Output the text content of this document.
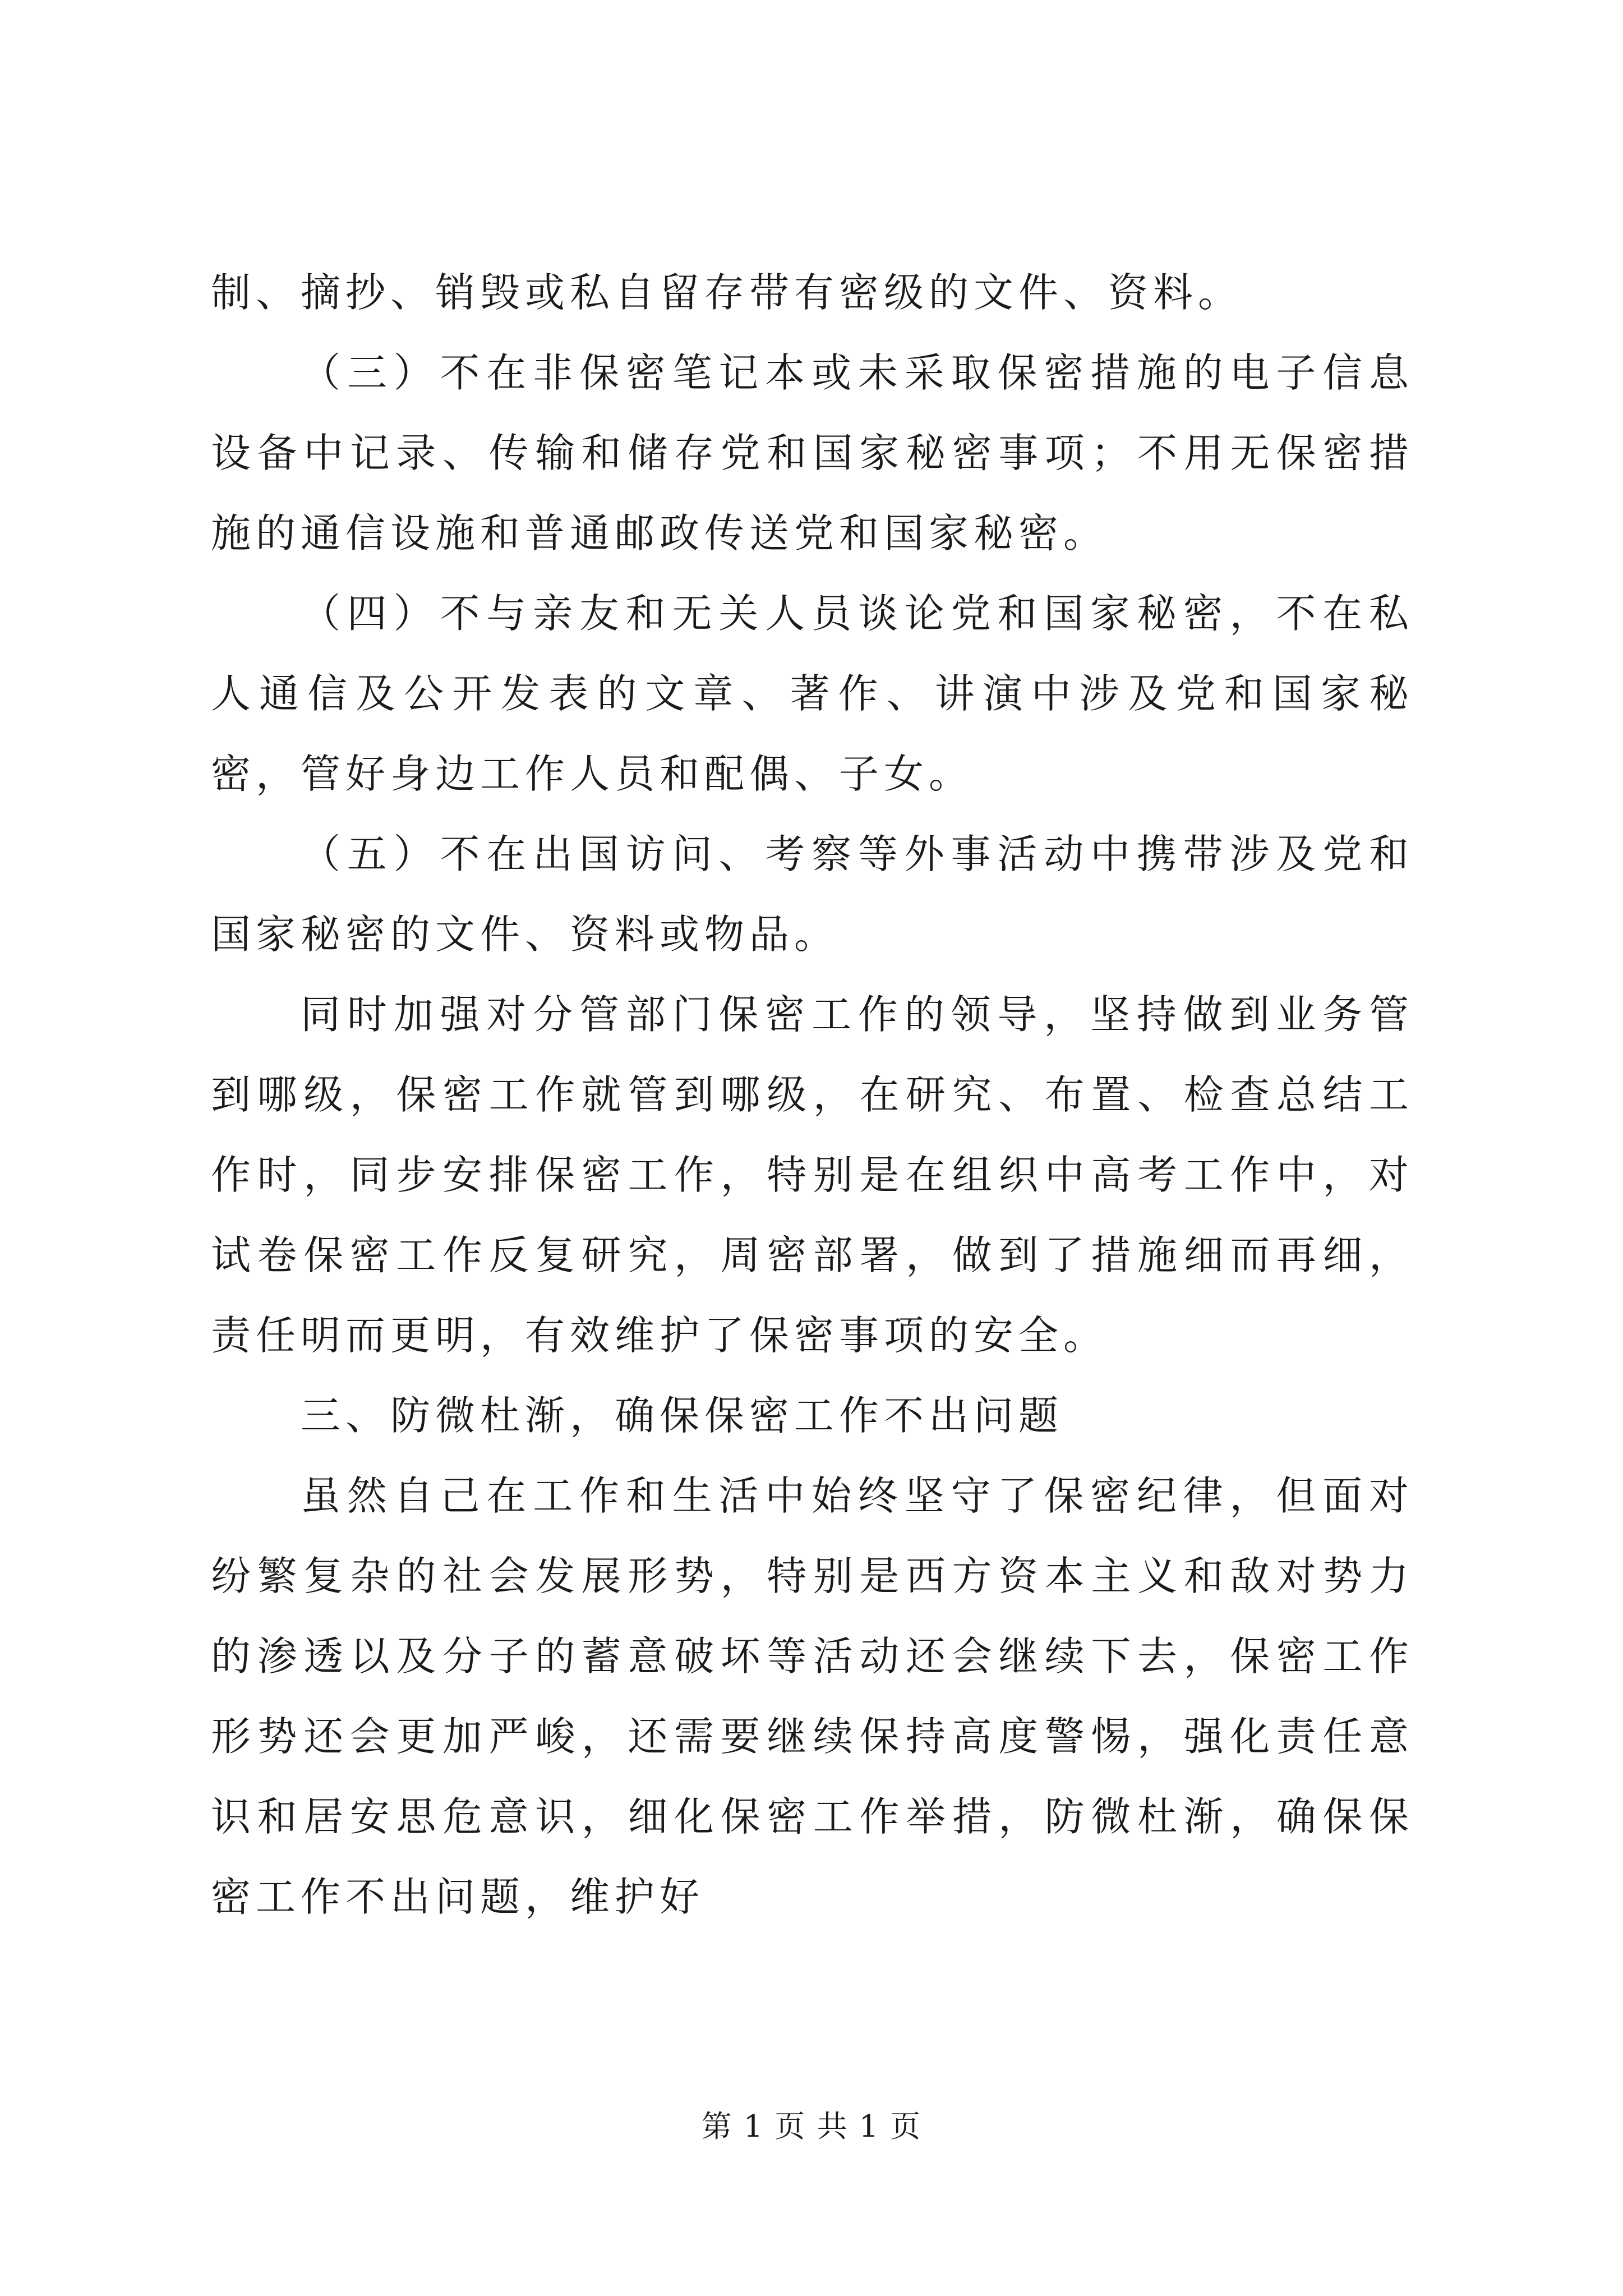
制、摘抄、销毁或私自留存带有密级的文件、资料。

（三）不在非保密笔记本或未采取保密措施的电子信息设备中记录、传输和储存党和国家秘密事项；不用无保密措施的通信设施和普通邮政传送党和国家秘密。

（四）不与亲友和无关人员谈论党和国家秘密，不在私人通信及公开发表的文章、著作、讲演中涉及党和国家秘密，管好身边工作人员和配偶、子女。

（五）不在出国访问、考察等外事活动中携带涉及党和国家秘密的文件、资料或物品。

同时加强对分管部门保密工作的领导，坚持做到业务管到哪级，保密工作就管到哪级，在研究、布置、检查总结工作时，同步安排保密工作，特别是在组织中高考工作中，对试卷保密工作反复研究，周密部署，做到了措施细而再细，责任明而更明，有效维护了保密事项的安全。

三、防微杜渐，确保保密工作不出问题

虽然自己在工作和生活中始终坚守了保密纪律，但面对纷繁复杂的社会发展形势，特别是西方资本主义和敌对势力的渗透以及分子的蓄意破坏等活动还会继续下去，保密工作形势还会更加严峻，还需要继续保持高度警惕，强化责任意识和居安思危意识，细化保密工作举措，防微杜渐，确保保密工作不出问题，维护好

第 1 页 共 1 页
